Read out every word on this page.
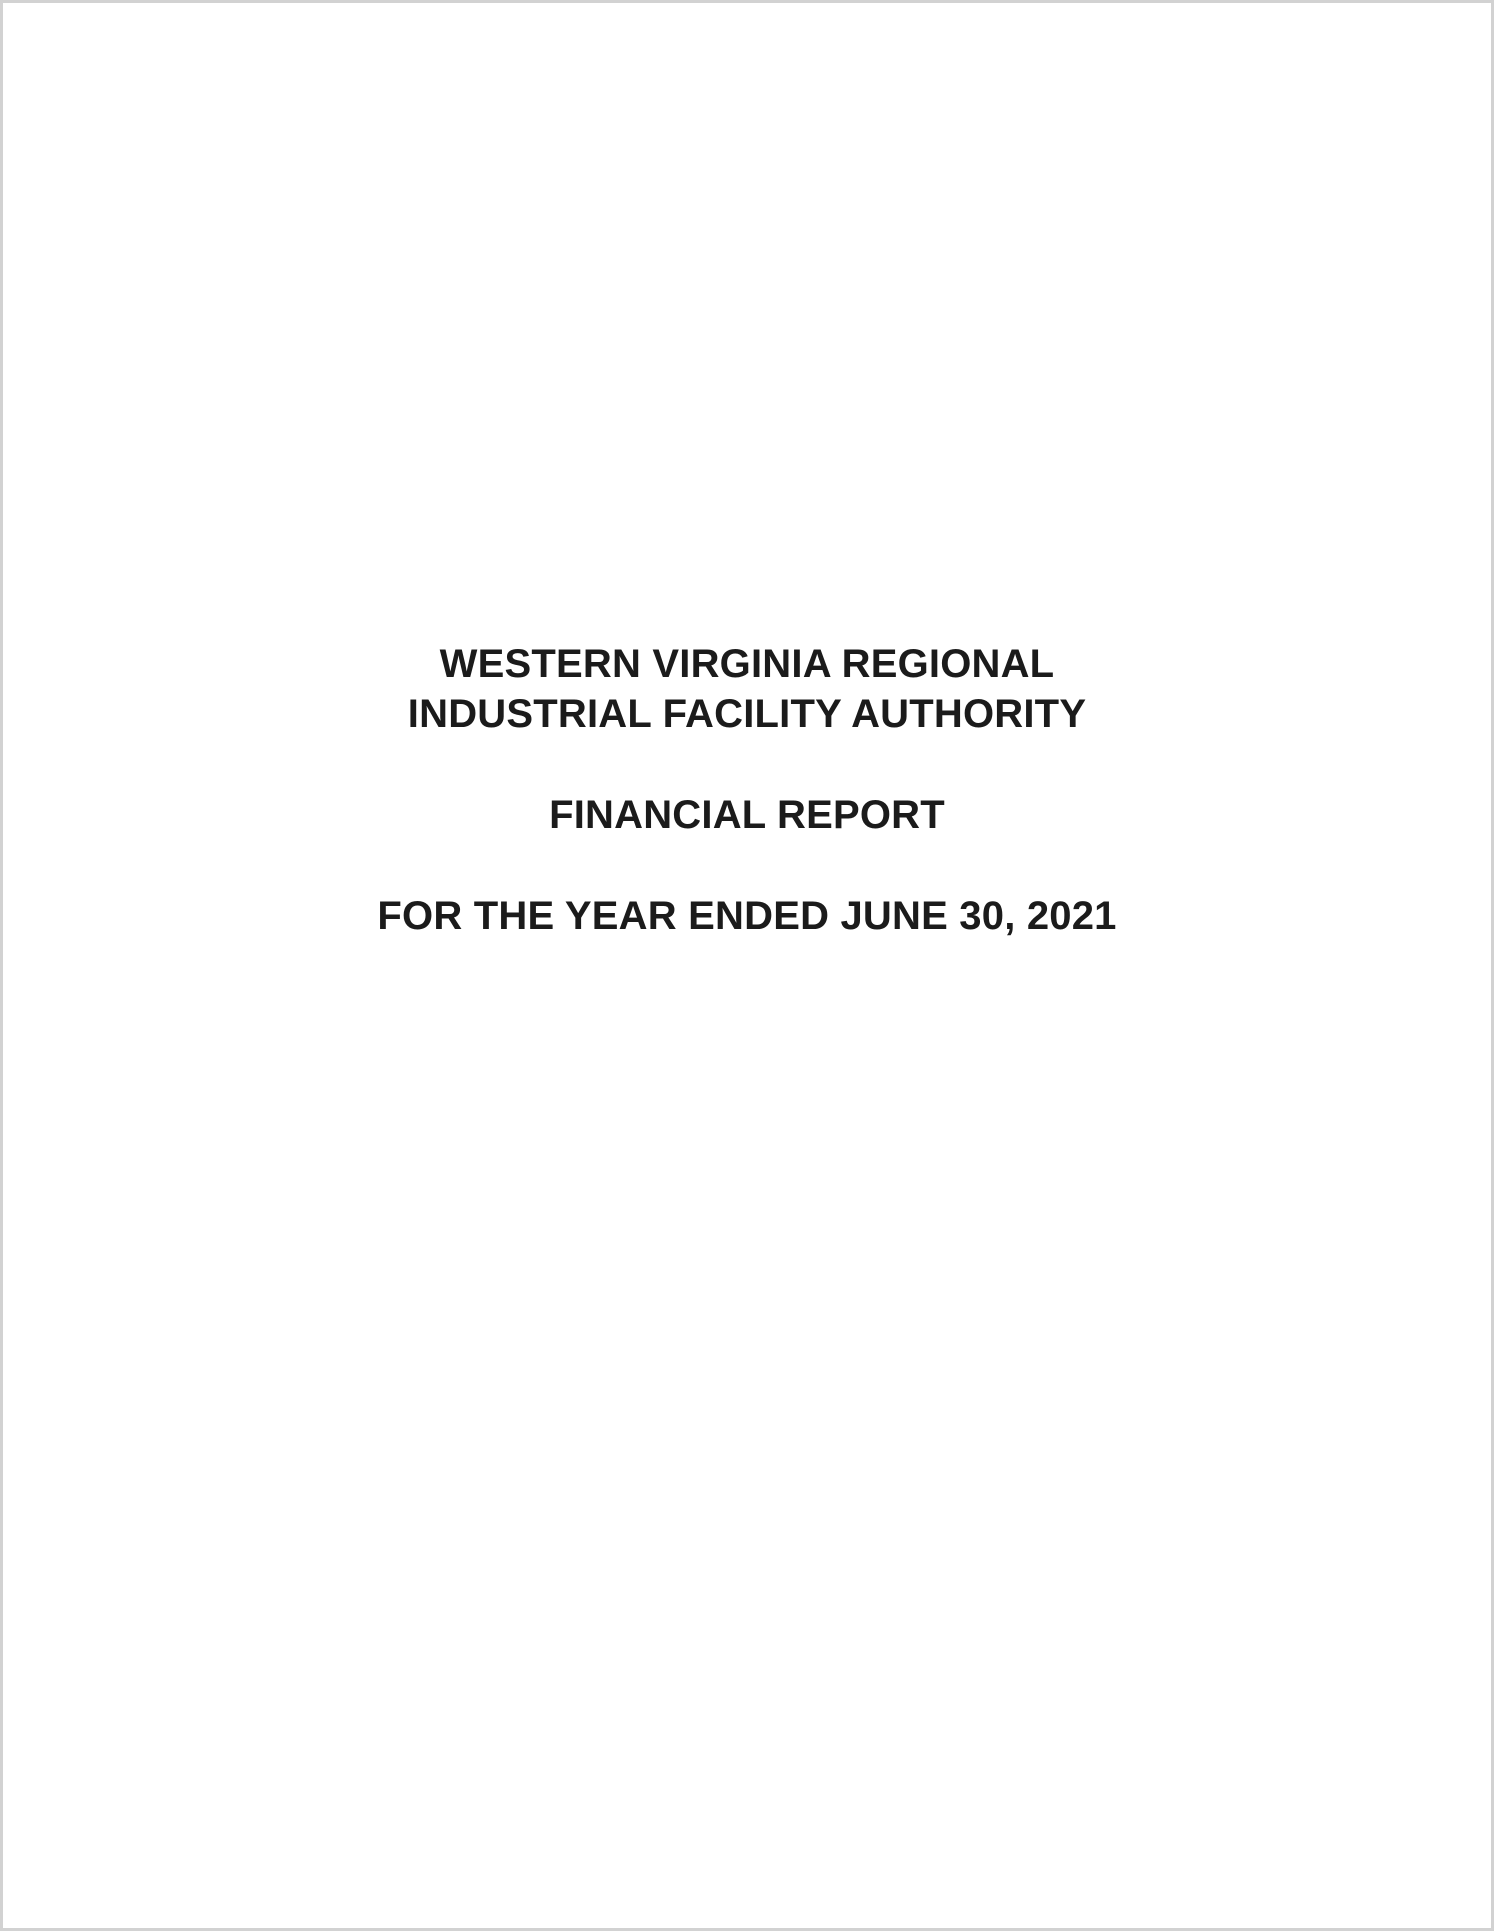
WESTERN VIRGINIA REGIONAL

INDUSTRIAL FACILITY AUTHORITY

FINANCIAL REPORT

FOR THE YEAR ENDED JUNE 30, 2021
